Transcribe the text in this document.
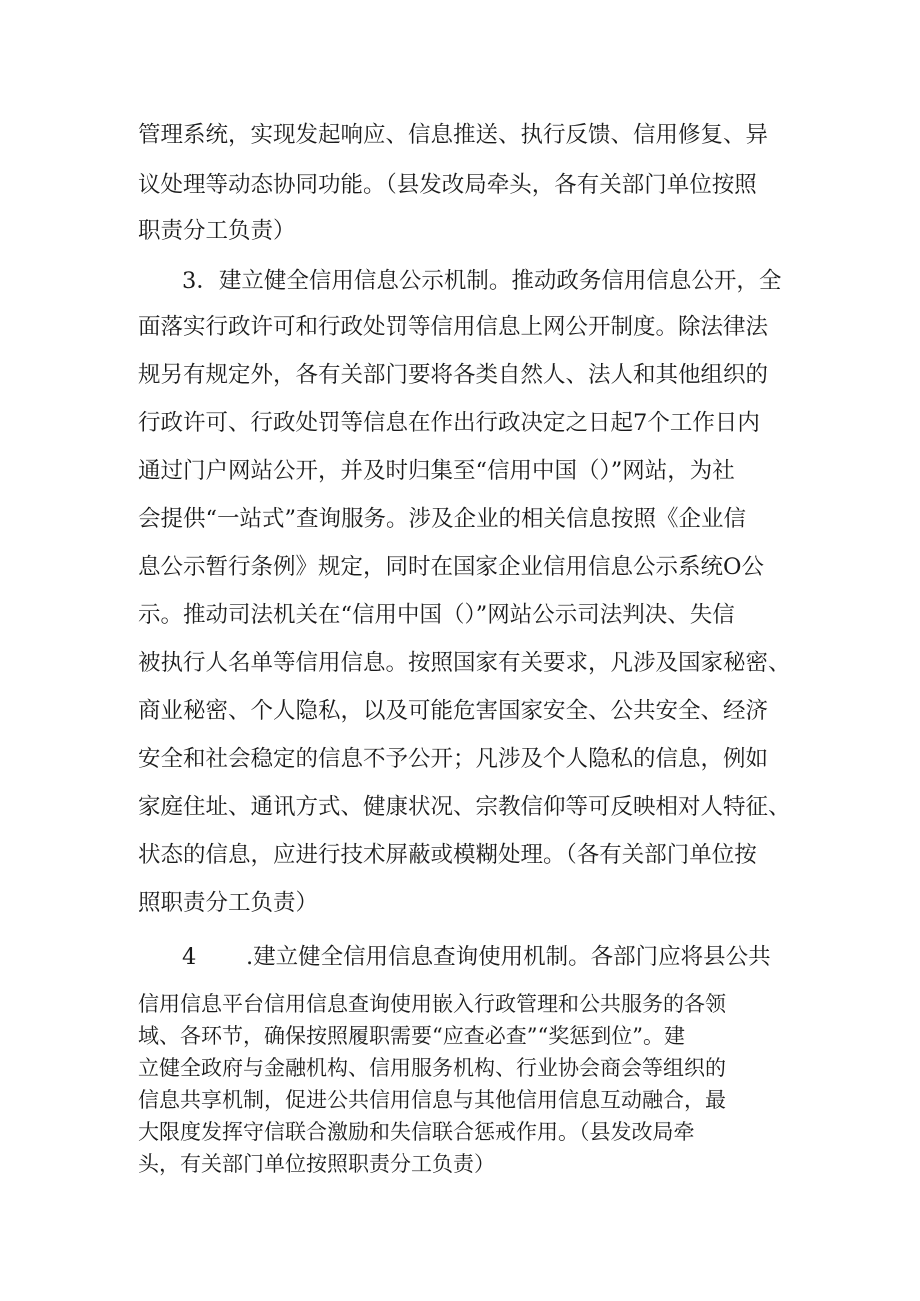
管理系统，实现发起响应、信息推送、执行反馈、信用修复、异

议处理等动态协同功能。（县发改局牵头，各有关部门单位按照

职责分工负责）

3．建立健全信用信息公示机制。推动政务信用信息公开，全

面落实行政许可和行政处罚等信用信息上网公开制度。除法律法

规另有规定外，各有关部门要将各类自然人、法人和其他组织的

行政许可、行政处罚等信息在作出行政决定之日起7个工作日内

通过门户网站公开，并及时归集至“信用中国（）”网站，为社

会提供“一站式”查询服务。涉及企业的相关信息按照《企业信

息公示暂行条例》规定，同时在国家企业信用信息公示系统O公

示。推动司法机关在“信用中国（）”网站公示司法判决、失信

被执行人名单等信用信息。按照国家有关要求，凡涉及国家秘密、

商业秘密、个人隐私，以及可能危害国家安全、公共安全、经济

安全和社会稳定的信息不予公开；凡涉及个人隐私的信息，例如

家庭住址、通讯方式、健康状况、宗教信仰等可反映相对人特征、

状态的信息，应进行技术屏蔽或模糊处理。（各有关部门单位按

照职责分工负责）

4 .建立健全信用信息查询使用机制。各部门应将县公共

信用信息平台信用信息查询使用嵌入行政管理和公共服务的各领

域、各环节，确保按照履职需要“应查必查”“奖惩到位”。建

立健全政府与金融机构、信用服务机构、行业协会商会等组织的

信息共享机制，促进公共信用信息与其他信用信息互动融合，最

大限度发挥守信联合激励和失信联合惩戒作用。（县发改局牵

头，有关部门单位按照职责分工负责）
